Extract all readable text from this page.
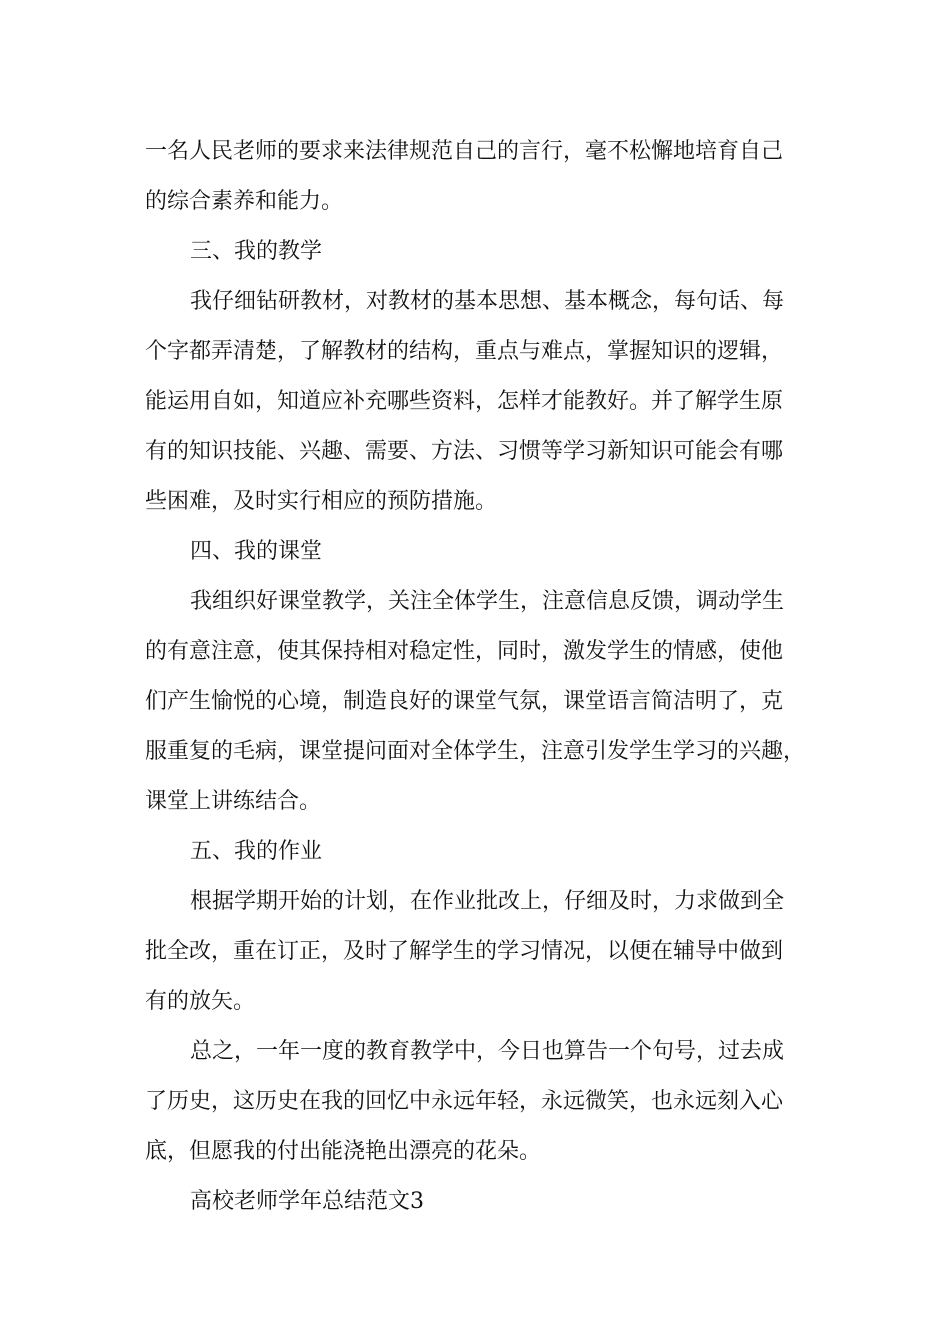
一名人民老师的要求来法律规范自己的言行，毫不松懈地培育自己
的综合素养和能力。
三、我的教学
我仔细钻研教材，对教材的基本思想、基本概念，每句话、每
个字都弄清楚，了解教材的结构，重点与难点，掌握知识的逻辑，
能运用自如，知道应补充哪些资料，怎样才能教好。并了解学生原
有的知识技能、兴趣、需要、方法、习惯等学习新知识可能会有哪
些困难，及时实行相应的预防措施。
四、我的课堂
我组织好课堂教学，关注全体学生，注意信息反馈，调动学生
的有意注意，使其保持相对稳定性，同时，激发学生的情感，使他
们产生愉悦的心境，制造良好的课堂气氛，课堂语言简洁明了，克
服重复的毛病，课堂提问面对全体学生，注意引发学生学习的兴趣，
课堂上讲练结合。
五、我的作业
根据学期开始的计划，在作业批改上，仔细及时，力求做到全
批全改，重在订正，及时了解学生的学习情况，以便在辅导中做到
有的放矢。
总之，一年一度的教育教学中，今日也算告一个句号，过去成
了历史，这历史在我的回忆中永远年轻，永远微笑，也永远刻入心
底，但愿我的付出能浇艳出漂亮的花朵。
高校老师学年总结范文3
